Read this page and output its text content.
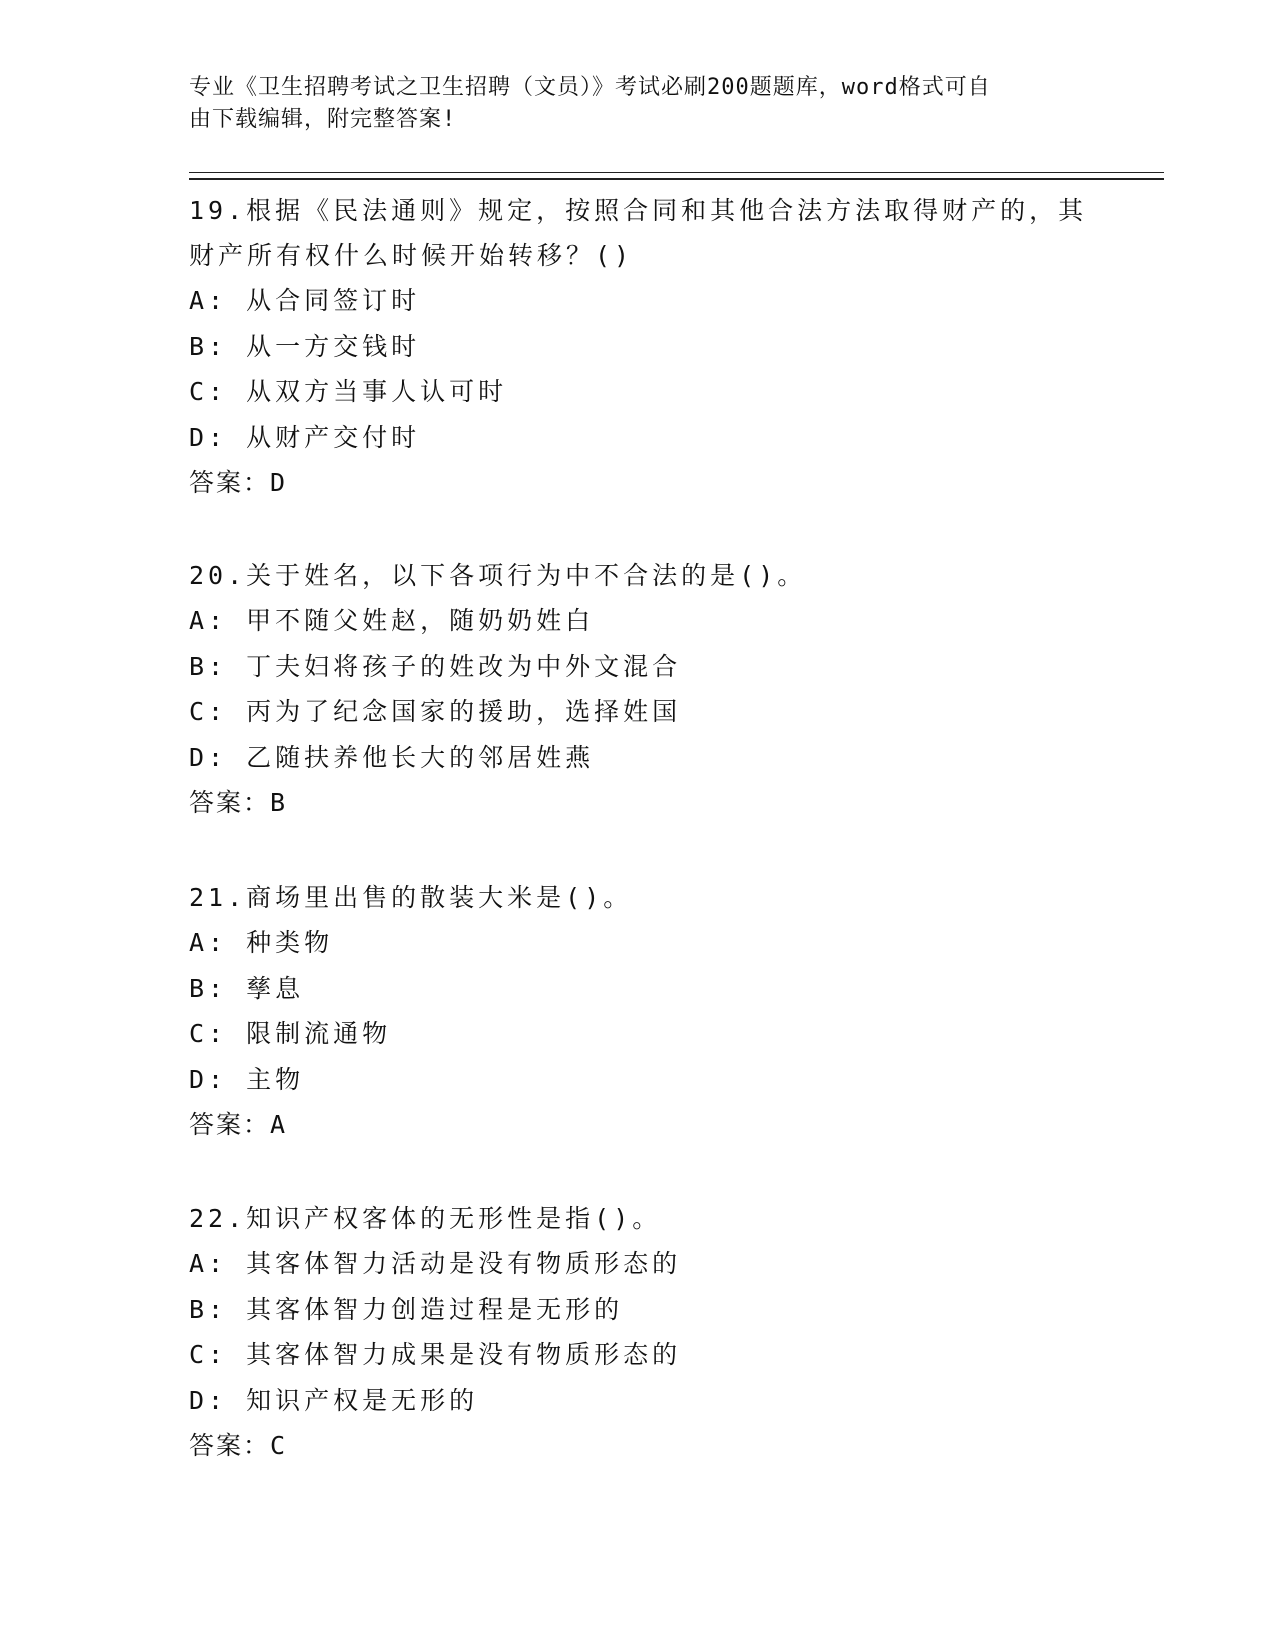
专业《卫生招聘考试之卫生招聘（文员）》考试必刷200题题库，word格式可自
由下载编辑，附完整答案!
19.根据《民法通则》规定，按照合同和其他合法方法取得财产的，其
财产所有权什么时候开始转移？()
A: 从合同签订时
B: 从一方交钱时
C: 从双方当事人认可时
D: 从财产交付时
答案：D
20.关于姓名，以下各项行为中不合法的是()。
A: 甲不随父姓赵，随奶奶姓白
B: 丁夫妇将孩子的姓改为中外文混合
C: 丙为了纪念国家的援助，选择姓国
D: 乙随扶养他长大的邻居姓燕
答案：B
21.商场里出售的散装大米是()。
A: 种类物
B: 孳息
C: 限制流通物
D: 主物
答案：A
22.知识产权客体的无形性是指()。
A: 其客体智力活动是没有物质形态的
B: 其客体智力创造过程是无形的
C: 其客体智力成果是没有物质形态的
D: 知识产权是无形的
答案：C
